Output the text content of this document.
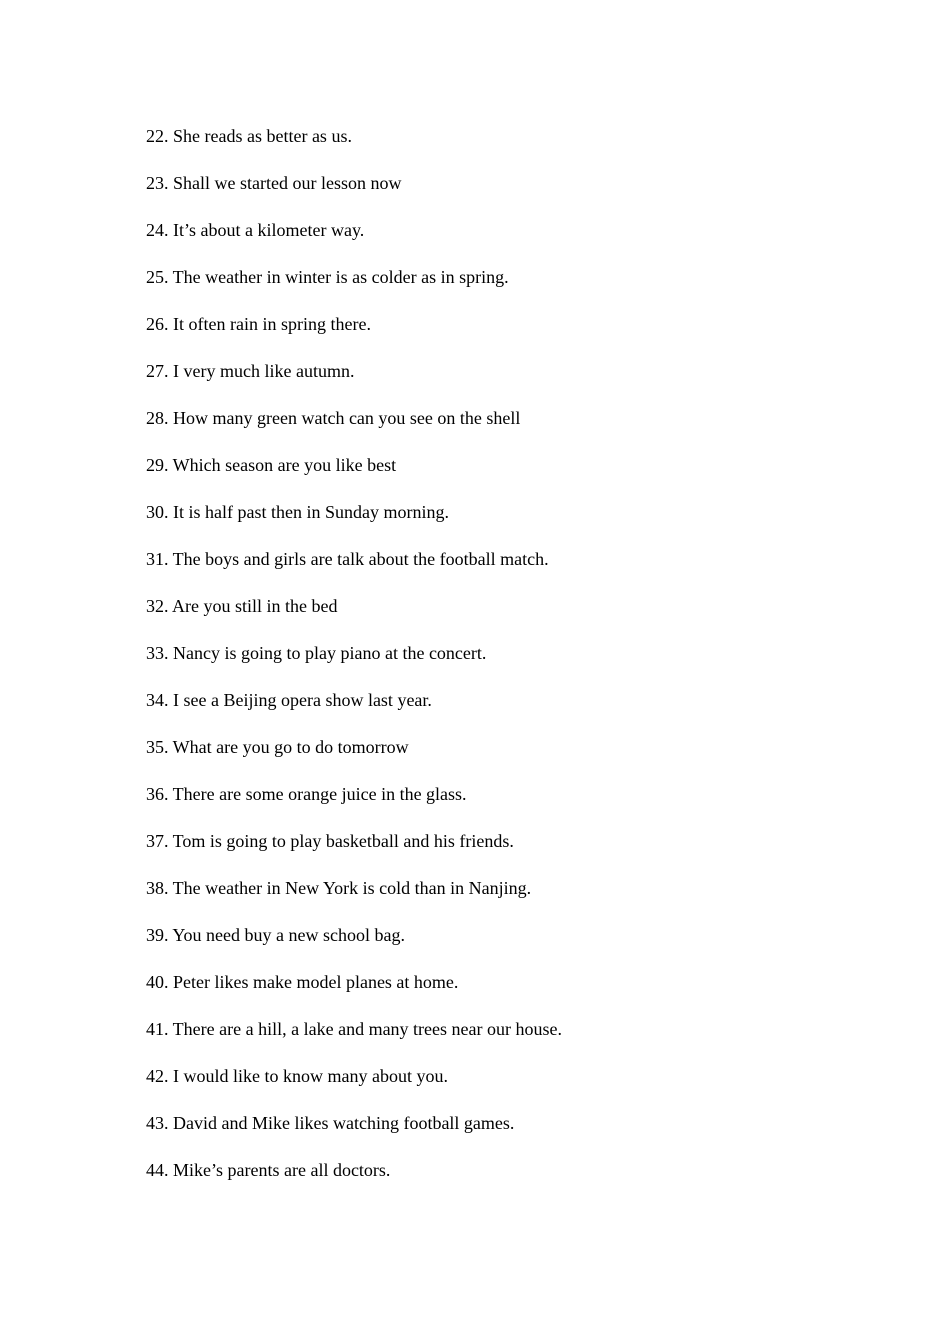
22. She reads as better as us.
23. Shall we started our lesson now
24. It’s about a kilometer way.
25. The weather in winter is as colder as in spring.
26. It often rain in spring there.
27. I very much like autumn.
28. How many green watch can you see on the shell
29. Which season are you like best
30. It is half past then in Sunday morning.
31. The boys and girls are talk about the football match.
32. Are you still in the bed
33. Nancy is going to play piano at the concert.
34. I see a Beijing opera show last year.
35. What are you go to do tomorrow
36. There are some orange juice in the glass.
37. Tom is going to play basketball and his friends.
38. The weather in New York is cold than in Nanjing.
39. You need buy a new school bag.
40. Peter likes make model planes at home.
41. There are a hill, a lake and many trees near our house.
42. I would like to know many about you.
43. David and Mike likes watching football games.
44. Mike’s parents are all doctors.
